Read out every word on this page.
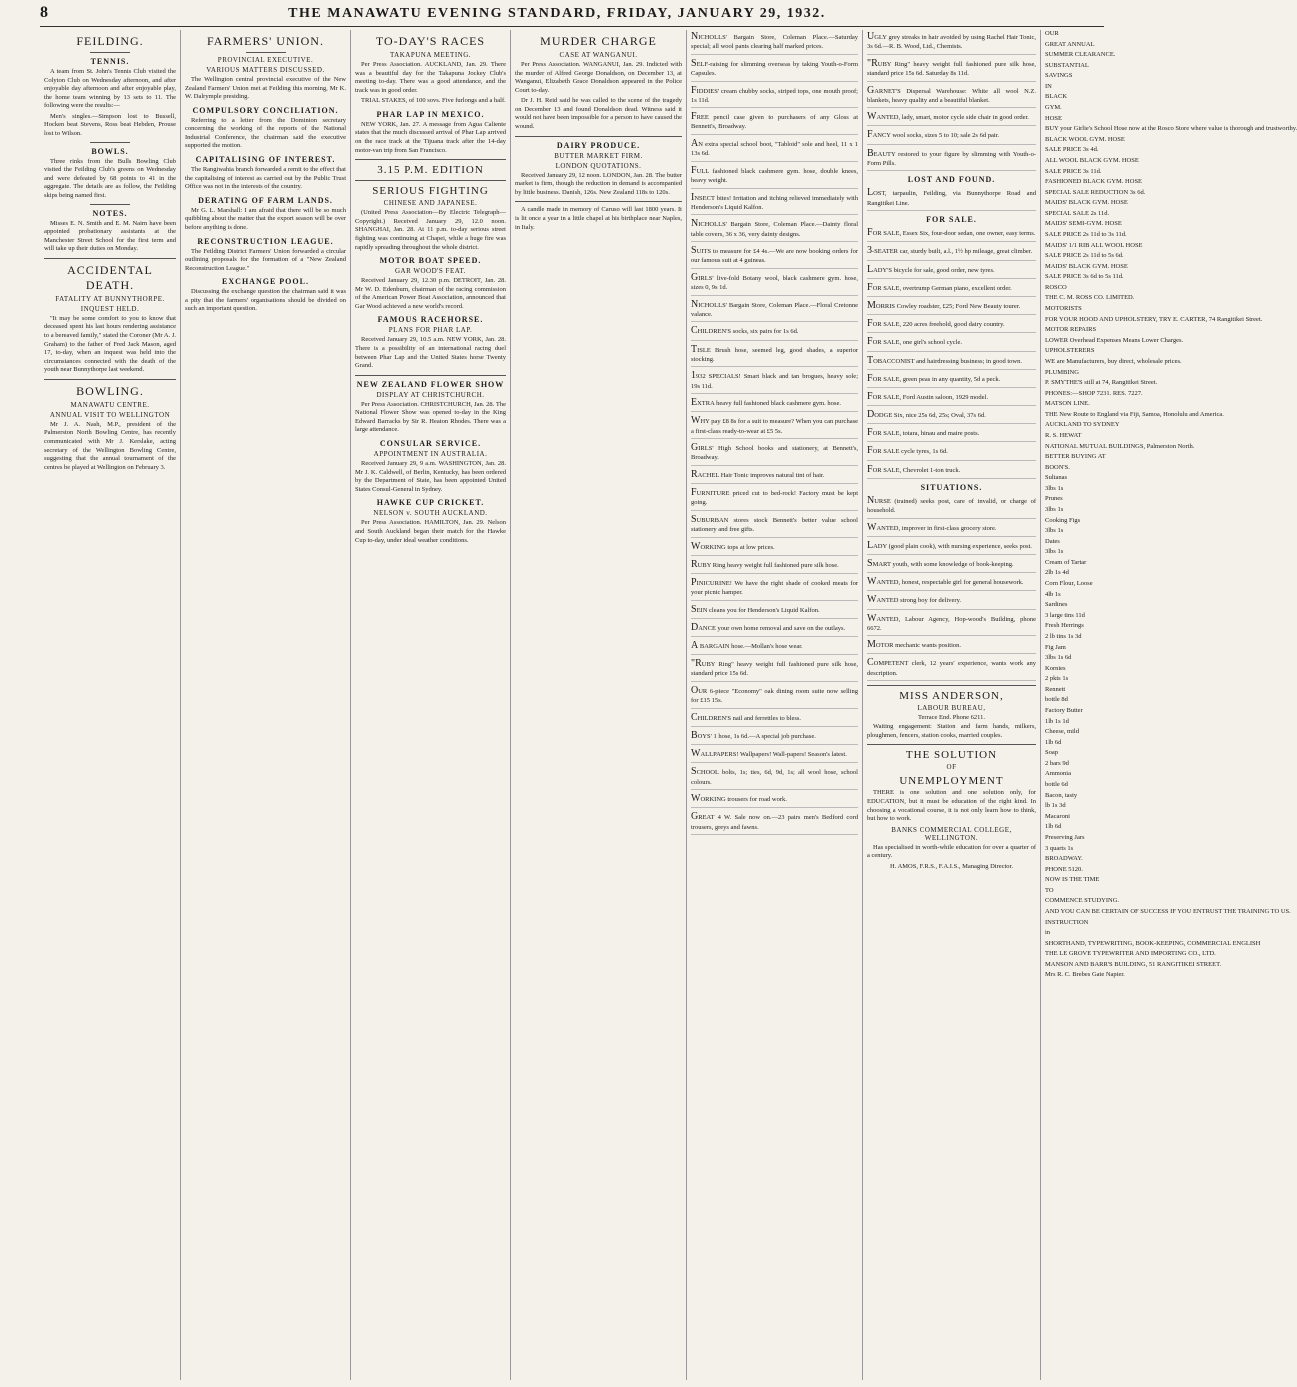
8	THE MANAWATU EVENING STANDARD, FRIDAY, JANUARY 29, 1932.
FEILDING.
TENNIS.

A team from St. John's Tennis Club visited the Colyton Club on Wednesday afternoon, and after enjoyable day afternoon and after enjoyable play, the home team winning by 13 sets to 11. The following were the results:—

Men's singles.—Simpson lost to Bussell, Hocken beat Stevens, Ross beat Hebden, Prouse lost to Wilson.

BOWLS.

Three rinks from the Bulls Bowling Club visited the Feilding Club's greens on Wednesday and were defeated by 68 points to 41 in the aggregate. The details are as follow, the Feilding skips being named first.

NOTES.

Misses E. N. Smith and E. M. Nairn have been appointed probationary assistants at the Manchester Street School for the first term and will take up their duties on Monday.

ACCIDENTAL DEATH.
FATALITY AT BUNNYTHORPE.
INQUEST HELD.

"It may be some comfort to you to know that deceased spent his last hours rendering assistance to a bereaved family," stated the Coroner (Mr A. J. Graham) to the father of Fred Jack Mason, aged 17, to-day, when an inquest was held into the circumstances connected with the death of the youth near Bunnythorpe last weekend.

BOWLING.
MANAWATU CENTRE.
ANNUAL VISIT TO WELLINGTON

Mr J. A. Nash, M.P., president of the Palmerston North Bowling Centre, has recently communicated with Mr J. Kerslake, acting secretary of the Wellington Bowling Centre, suggesting that the annual tournament of the centres be played at Wellington on February 3.

FARMERS' UNION.
PROVINCIAL EXECUTIVE.
VARIOUS MATTERS DISCUSSED.

The Wellington central provincial executive of the New Zealand Farmers' Union met at Feilding this morning, Mr K. W. Dalrymple presiding.

COMPULSORY CONCILIATION.

Referring to a letter from the Dominion secretary concerning the working of the reports of the National Industrial Conference, the chairman said the executive supported the motion.

CAPITALISING OF INTEREST.

The Rangiwahia branch forwarded a remit to the effect that the capitalising of interest as carried out by the Public Trust Office was not in the interests of the country.

DERATING OF FARM LANDS.

Mr G. L. Marshall: I am afraid that there will be so much quibbling about the matter that the export season will be over before anything is done.

RECONSTRUCTION LEAGUE.

The Feilding District Farmers' Union forwarded a circular outlining proposals for the formation of a "New Zealand Reconstruction League."

EXCHANGE POOL.

Discussing the exchange question the chairman said it was a pity that the farmers' organisations should be divided on such an important question.

TO-DAY'S RACES
TAKAPUNA MEETING.

Per Press Association. AUCKLAND, Jan. 29. There was a beautiful day for the Takapuna Jockey Club's meeting to-day. There was a good attendance, and the track was in good order.

TRIAL STAKES, of 100 sovs. Five furlongs and a half.

PHAR LAP IN MEXICO.

NEW YORK, Jan. 27. A message from Agua Caliente states that the much discussed arrival of Phar Lap arrived on the race track at the Tijuana track after the 14-day motor-van trip from San Francisco.

3.15 P.M. EDITION
SERIOUS FIGHTING
CHINESE AND JAPANESE.

(United Press Association—By Electric Telegraph—Copyright.) Received January 29, 12.0 noon. SHANGHAI, Jan. 28. At 11 p.m. to-day serious street fighting was continuing at Chapei, while a huge fire was rapidly spreading throughout the whole district.

MOTOR BOAT SPEED.
GAR WOOD'S FEAT.

Received January 29, 12.30 p.m. DETROIT, Jan. 28. Mr W. D. Edenburn, chairman of the racing commission of the American Power Boat Association, announced that Gar Wood achieved a new world's record.

FAMOUS RACEHORSE.
PLANS FOR PHAR LAP.

Received January 29, 10.5 a.m. NEW YORK, Jan. 28. There is a possibility of an international racing duel between Phar Lap and the United States horse Twenty Grand.

NEW ZEALAND FLOWER SHOW
DISPLAY AT CHRISTCHURCH.

Per Press Association. CHRISTCHURCH, Jan. 28. The National Flower Show was opened to-day in the King Edward Barracks by Sir R. Heaton Rhodes. There was a large attendance.

CONSULAR SERVICE.
APPOINTMENT IN AUSTRALIA.

Received January 29, 9 a.m. WASHINGTON, Jan. 28. Mr J. K. Caldwell, of Berlin, Kentucky, has been ordered by the Department of State, has been appointed United States Consul-General in Sydney.

HAWKE CUP CRICKET.
NELSON v. SOUTH AUCKLAND.

Per Press Association. HAMILTON, Jan. 29. Nelson and South Auckland began their match for the Hawke Cup to-day, under ideal weather conditions.

MURDER CHARGE
CASE AT WANGANUI.

Per Press Association. WANGANUI, Jan. 29. Indicted with the murder of Alfred George Donaldson, on December 13, at Wanganui, Elizabeth Grace Donaldson appeared in the Police Court to-day.

Dr J. H. Reid said he was called to the scene of the tragedy on December 13 and found Donaldson dead. Witness said it would not have been impossible for a person to have caused the wound.

DAIRY PRODUCE.
BUTTER MARKET FIRM.
LONDON QUOTATIONS.

Received January 29, 12 noon. LONDON, Jan. 28. The butter market is firm, though the reduction in demand is accompanied by little business. Danish, 126s. New Zealand 118s to 120s.

A candle made in memory of Caruso will last 1800 years. It is lit once a year in a little chapel at his birthplace near Naples, in Italy.

NICHOLLS' Bargain Store, Coleman Place.—Saturday special; all wool pants clearing half marked prices.
SELF-raising for slimming overseas by taking Youth-o-Form Capsules.
FIDDIES' cream chubby socks, striped tops, one mouth proof; 1s 11d.
FREE pencil case given to purchasers of any Gloss at Bennett's, Broadway.
AN extra special school boot, "Tabloid" sole and heel, 11 x 1 13s 6d.
FULL fashioned black cashmere gym. hose, double knees, heavy weight.
INSECT bites! Irritation and itching relieved immediately with Henderson's Liquid Kalfon.
NICHOLLS' Bargain Store, Coleman Place.—Dainty floral table covers, 36 x 36, very dainty designs.
SUITS to measure for £4 4s.—We are now booking orders for our famous suit at 4 guineas.
GIRLS' live-fold Botany wool, black cashmere gym. hose, sizes 0, 9s 1d.
NICHOLLS' Bargain Store, Coleman Place.—Floral Cretonne valance.
CHILDREN'S socks, six pairs for 1s 6d.
TISLE Brush hose, seemed leg, good shades, a superior stocking.
1932 SPECIALS! Smart black and tan brogues, heavy sole; 19s 11d.
EXTRA heavy full fashioned black cashmere gym. hose.
WHY pay £8 8s for a suit to measure? When you can purchase a first-class ready-to-wear at £5 5s.
GIRLS' High School books and stationery, at Bennett's, Broadway.
RACHEL Hair Tonic improves natural tint of hair.
FURNITURE priced cut to bed-rock! Factory must be kept going.
SUBURBAN stores stock Bennett's better value school stationery and free gifts.
WORKING tops at low prices.
RUBY Ring heavy weight full fashioned pure silk hose.
PINICURINE! We have the right shade of cooked meats for your picnic hamper.
SEIN cleans you for Henderson's Liquid Kalfon.
DANCE your own home removal and save on the outlays.
A BARGAIN hose.—Mollan's hose wear.
"RUBY Ring" heavy weight full fashioned pure silk hose, standard price 15s 6d.
OUR 6-piece "Economy" oak dining room suite now selling for £15 15s.
CHILDREN'S nail and ferrettles to bless.
BOYS' 1 hose, 1s 6d.—A special job purchase.
WALLPAPERS! Wallpapers! Wall-papers! Season's latest.
SCHOOL bolts, 1s; ties, 6d, 9d, 1s; all wool hose, school colours.
WORKING trousers for road work.
GREAT 4 W. Sale now on.—23 pairs men's Bedford cord trousers, greys and fawns.
UGLY grey streaks in hair avoided by using Rachel Hair Tonic, 3s 6d.—R. B. Wood, Ltd., Chemists.
"RUBY Ring" heavy weight full fashioned pure silk hose, standard price 15s 6d. Saturday 8s 11d.
GARNET'S Dispersal Warehouse: White all wool N.Z. blankets, heavy quality and a beautiful blanket.
WANTED, lady, smart, motor cycle side chair in good order.
FANCY wool socks, sizes 5 to 10; sale 2s 6d pair.
BEAUTY restored to your figure by slimming with Youth-o-Form Pills.
LOST AND FOUND.
LOST, tarpaulin, Feilding, via Bunnythorpe Road and Rangitikei Line.
FOR SALE.
FOR SALE, Essex Six, four-door sedan, one owner, easy terms.
3-SEATER car, sturdy built, a.l., 1½ hp mileage, great climber.
LADY'S bicycle for sale, good order, new tyres.
FOR SALE, overtrump German piano, excellent order.
MORRIS Cowley roadster, £25; Ford New Beauty tourer.
FOR SALE, 220 acres freehold, good dairy country.
FOR SALE, one girl's school cycle.
TOBACCONIST and hairdressing business; in good town.
FOR SALE, green peas in any quantity, 5d a peck.
FOR SALE, Ford Austin saloon, 1929 model.
DODGE Six, nice 25s 6d, 25s; Oval, 37s 6d.
FOR SALE, totara, hinau and maire posts.
FOR SALE cycle tyres, 1s 6d.
FOR SALE, Chevrolet 1-ton truck.
SITUATIONS.
NURSE (trained) seeks post, care of invalid, or charge of household.
WANTED, improver in first-class grocery store.
LADY (good plain cook), with nursing experience, seeks post.
SMART youth, with some knowledge of book-keeping.
WANTED, honest, respectable girl for general housework.
WANTED strong boy for delivery.
WANTED, Labour Agency, Hop-wood's Building, phone 6672.
MOTOR mechanic wants position.
COMPETENT clerk, 12 years' experience, wants work any description.
MISS ANDERSON,
LABOUR BUREAU,
Terrace End. Phone 6211.

Waiting engagement: Station and farm hands, milkers, ploughmen, fencers, station cooks, married couples.

THE SOLUTION
OF
UNEMPLOYMENT

THERE is one solution and one solution only, for EDUCATION, but it must be education of the right kind. In choosing a vocational course, it is not only learn how to think, but how to work.

BANKS COMMERCIAL COLLEGE, WELLINGTON.

Has specialised in worth-while education for over a quarter of a century.

H. AMOS, F.R.S., F.A.I.S., Managing Director.
OUR
GREAT ANNUAL
SUMMER CLEARANCE.
SUBSTANTIAL
SAVINGS
IN
BLACK
GYM.
HOSE
BUY your Girlie's School Hose now at the Rosco Store where value is thorough and trustworthy.
BLACK WOOL GYM. HOSE
SALE PRICE 3s 4d.
ALL WOOL BLACK GYM. HOSE
SALE PRICE 3s 11d.
FASHIONED BLACK GYM. HOSE
SPECIAL SALE REDUCTION 3s 6d.
MAIDS' BLACK GYM. HOSE
SPECIAL SALE 2s 11d.
MAIDS' SEMI-GYM. HOSE
SALE PRICE 2s 11d to 3s 11d.
MAIDS' 1/1 RIB ALL WOOL HOSE
SALE PRICE 2s 11d to 5s 6d.
MAIDS' BLACK GYM. HOSE
SALE PRICE 3s 6d to 5s 11d.
ROSCO
THE C. M. ROSS CO. LIMITED.
MOTORISTS
FOR YOUR HOOD AND UPHOLSTERY, TRY E. CARTER, 74 Rangitikei Street.
MOTOR REPAIRS
LOWER Overhead Expenses Means Lower Charges.
UPHOLSTERERS
WE are Manufacturers, buy direct, wholesale prices.
PLUMBING
P. SMYTHE'S still at 74, Rangitikei Street.
PHONES:—SHOP 7231. RES. 7227.
MATSON LINE.
THE New Route to England via Fiji, Samoa, Honolulu and America.
AUCKLAND TO SYDNEY
R. S. HEWAT
NATIONAL MUTUAL BUILDINGS, Palmerston North.
BETTER BUYING AT
BOON'S.
Sultanas
3lbs 1s
Prunes
3lbs 1s
Cooking Figs
3lbs 1s
Dates
3lbs 1s
Cream of Tartar
2lb 1s 4d
Corn Flour, Loose
4lb 1s
Sardines
3 large tins 11d
Fresh Herrings
2 lb tins 1s 3d
Fig Jam
3lbs 1s 6d
Kornies
2 pkts 1s
Rennett
bottle 8d
Factory Butter
1lb 1s 1d
Cheese, mild
1lb 6d
Soap
2 bars 9d
Ammonia
bottle 6d
Bacon, tasty
lb 1s 3d
Macaroni
1lb 6d
Preserving Jars
3 quarts 1s
BROADWAY.
PHONE 5120.
NOW IS THE TIME
TO
COMMENCE STUDYING.
AND YOU CAN BE CERTAIN OF SUCCESS IF YOU ENTRUST THE TRAINING TO US.
INSTRUCTION
in
SHORTHAND, TYPEWRITING, BOOK-KEEPING, COMMERCIAL ENGLISH
THE LE GROVE TYPEWRITER AND IMPORTING CO., LTD.
MANSON AND BARR'S BUILDING, 51 RANGITIKEI STREET.
Mrs R. C. Brebes Gate Napier.
